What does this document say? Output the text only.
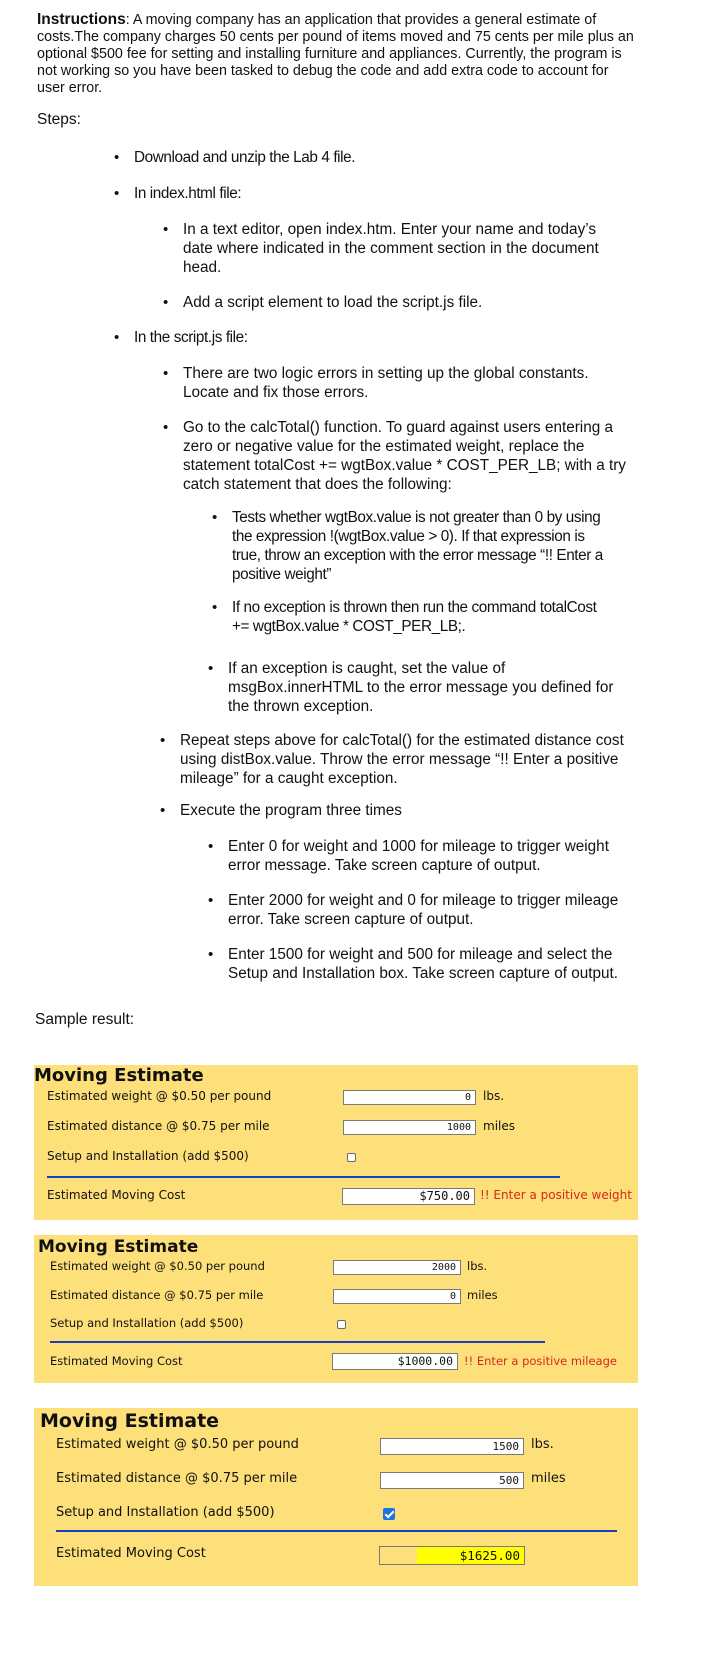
Instructions: A moving company has an application that provides a general estimate of costs.The company charges 50 cents per pound of items moved and 75 cents per mile plus an optional $500 fee for setting and installing furniture and appliances. Currently, the program is not working so you have been tasked to debug the code and add extra code to account for user error.
Steps:
• Download and unzip the Lab 4 file.
• In index.html file:
• In a text editor, open index.htm. Enter your name and today’s date where indicated in the comment section in the document head.
• Add a script element to load the script.js file.
• In the script.js file:
• There are two logic errors in setting up the global constants. Locate and fix those errors.
• Go to the calcTotal() function. To guard against users entering a zero or negative value for the estimated weight, replace the statement totalCost += wgtBox.value * COST_PER_LB; with a try catch statement that does the following:
• Tests whether wgtBox.value is not greater than 0 by using the expression !(wgtBox.value > 0). If that expression is true, throw an exception with the error message “!! Enter a positive weight”
• If no exception is thrown then run the command totalCost += wgtBox.value * COST_PER_LB;.
• If an exception is caught, set the value of msgBox.innerHTML to the error message you defined for the thrown exception.
• Repeat steps above for calcTotal() for the estimated distance cost using distBox.value. Throw the error message “!! Enter a positive mileage” for a caught exception.
• Execute the program three times
• Enter 0 for weight and 1000 for mileage to trigger weight error message. Take screen capture of output.
• Enter 2000 for weight and 0 for mileage to trigger mileage error. Take screen capture of output.
• Enter 1500 for weight and 500 for mileage and select the Setup and Installation box. Take screen capture of output.
Sample result:
Moving Estimate
Estimated weight @ $0.50 per pound	0	lbs.
Estimated distance @ $0.75 per mile	1000	miles
Setup and Installation (add $500)
Estimated Moving Cost	$750.00 !! Enter a positive weight
Moving Estimate
Estimated weight @ $0.50 per pound	2000 lbs.
Estimated distance @ $0.75 per mile	0 miles
Setup and Installation (add $500)
Estimated Moving Cost	$1000.00 !! Enter a positive mileage
Moving Estimate
Estimated weight @ $0.50 per pound	1500 lbs.
Estimated distance @ $0.75 per mile	500 miles
Setup and Installation (add $500)
Estimated Moving Cost	$1625.00
